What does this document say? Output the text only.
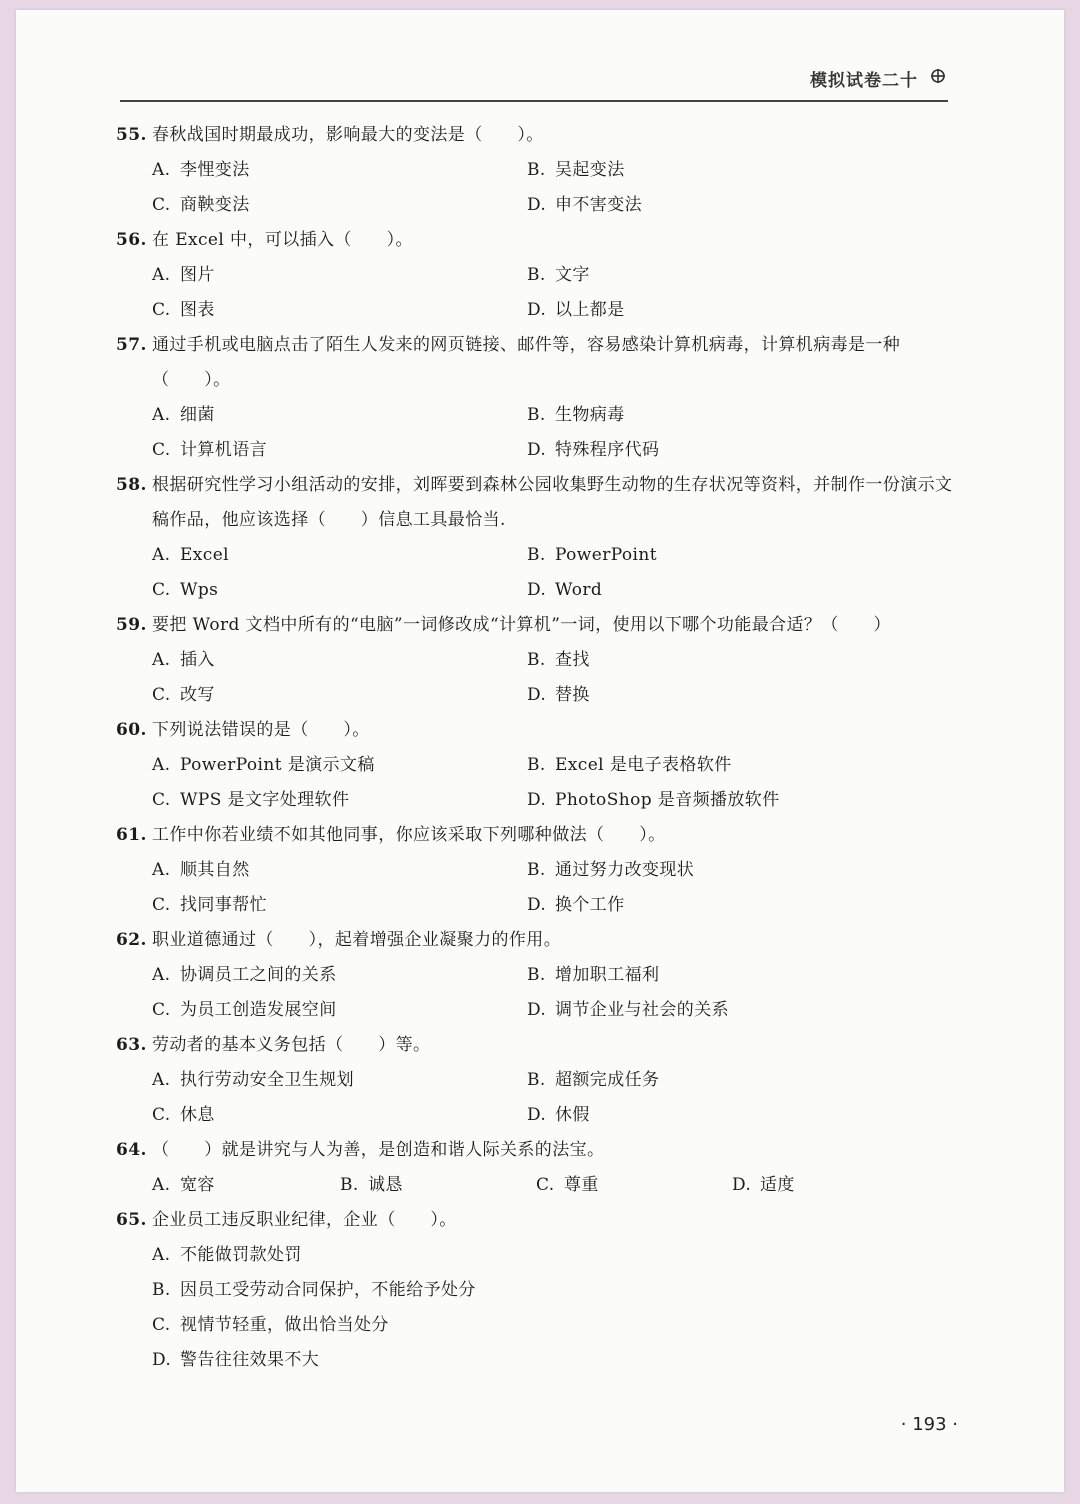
模拟试卷二十
55. 春秋战国时期最成功，影响最大的变法是（　　）。
A. 李悝变法	B. 吴起变法
C. 商鞅变法	D. 申不害变法
56. 在 Excel 中，可以插入（　　）。
A. 图片	B. 文字
C. 图表	D. 以上都是
57. 通过手机或电脑点击了陌生人发来的网页链接、邮件等，容易感染计算机病毒，计算机病毒是一种（　　）。
A. 细菌	B. 生物病毒
C. 计算机语言	D. 特殊程序代码
58. 根据研究性学习小组活动的安排，刘晖要到森林公园收集野生动物的生存状况等资料，并制作一份演示文稿作品，他应该选择（　　）信息工具最恰当.
A. Excel	B. PowerPoint
C. Wps	D. Word
59. 要把 Word 文档中所有的“电脑”一词修改成“计算机”一词，使用以下哪个功能最合适？（　　）
A. 插入	B. 查找
C. 改写	D. 替换
60. 下列说法错误的是（　　）。
A. PowerPoint 是演示文稿	B. Excel 是电子表格软件
C. WPS 是文字处理软件	D. PhotoShop 是音频播放软件
61. 工作中你若业绩不如其他同事，你应该采取下列哪种做法（　　）。
A. 顺其自然	B. 通过努力改变现状
C. 找同事帮忙	D. 换个工作
62. 职业道德通过（　　），起着增强企业凝聚力的作用。
A. 协调员工之间的关系	B. 增加职工福利
C. 为员工创造发展空间	D. 调节企业与社会的关系
63. 劳动者的基本义务包括（　　）等。
A. 执行劳动安全卫生规划	B. 超额完成任务
C. 休息	D. 休假
64. （　　）就是讲究与人为善，是创造和谐人际关系的法宝。
A. 宽容	B. 诚恳	C. 尊重	D. 适度
65. 企业员工违反职业纪律，企业（　　）。
A. 不能做罚款处罚
B. 因员工受劳动合同保护，不能给予处分
C. 视情节轻重，做出恰当处分
D. 警告往往效果不大
· 193 ·
